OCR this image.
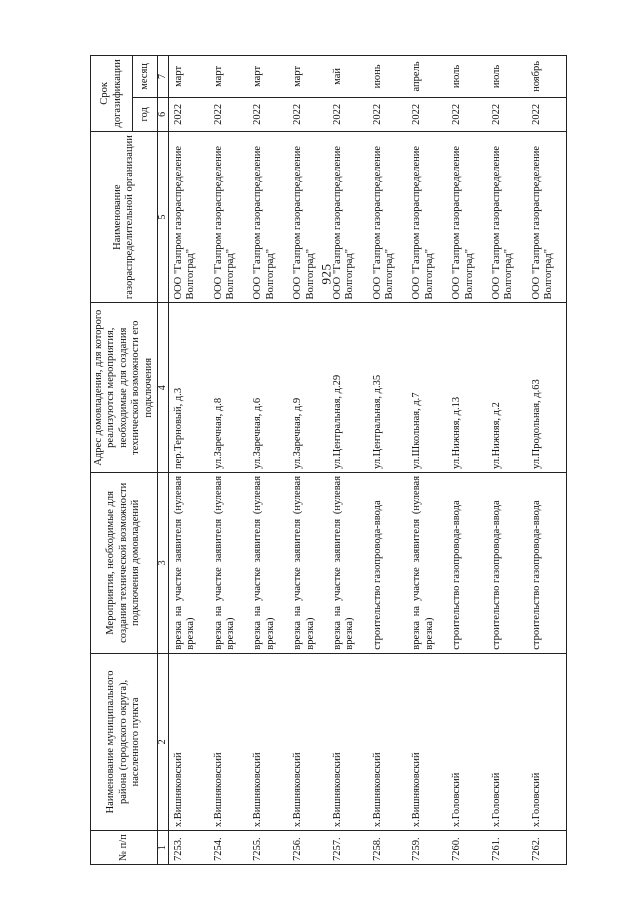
925
№ п/п	Наименование муниципального района (городского округа), населенного пункта	Мероприятия, необходимые для создания технической возможности подключения домовладений	Адрес домовладения, для которого реализуются мероприятия, необходимые для создания технической возможности его подключения	Наименование газораспределительной организации	Срок догазификации	
					год	месяц
1	2	3	4	5	6	7
7253.	х.Вишняковский	врезка на участке заявителя (нулевая врезка)	пер.Терновый, д.3	ООО "Газпром газораспределение Волгоград"	2022	март
7254.	х.Вишняковский	врезка на участке заявителя (нулевая врезка)	ул.Заречная, д.8	ООО "Газпром газораспределение Волгоград"	2022	март
7255.	х.Вишняковский	врезка на участке заявителя (нулевая врезка)	ул.Заречная, д.6	ООО "Газпром газораспределение Волгоград"	2022	март
7256.	х.Вишняковский	врезка на участке заявителя (нулевая врезка)	ул.Заречная, д.9	ООО "Газпром газораспределение Волгоград"	2022	март
7257.	х.Вишняковский	врезка на участке заявителя (нулевая врезка)	ул.Центральная, д.29	ООО "Газпром газораспределение Волгоград"	2022	май
7258.	х.Вишняковский	строительство газопровода-ввода	ул.Центральная, д.35	ООО "Газпром газораспределение Волгоград"	2022	июнь
7259.	х.Вишняковский	врезка на участке заявителя (нулевая врезка)	ул.Школьная, д.7	ООО "Газпром газораспределение Волгоград"	2022	апрель
7260.	х.Головский	строительство газопровода-ввода	ул.Нижняя, д.13	ООО "Газпром газораспределение Волгоград"	2022	июль
7261.	х.Головский	строительство газопровода-ввода	ул.Нижняя, д.2	ООО "Газпром газораспределение Волгоград"	2022	июль
7262.	х.Головский	строительство газопровода-ввода	ул.Продольная, д.63	ООО "Газпром газораспределение Волгоград"	2022	ноябрь
